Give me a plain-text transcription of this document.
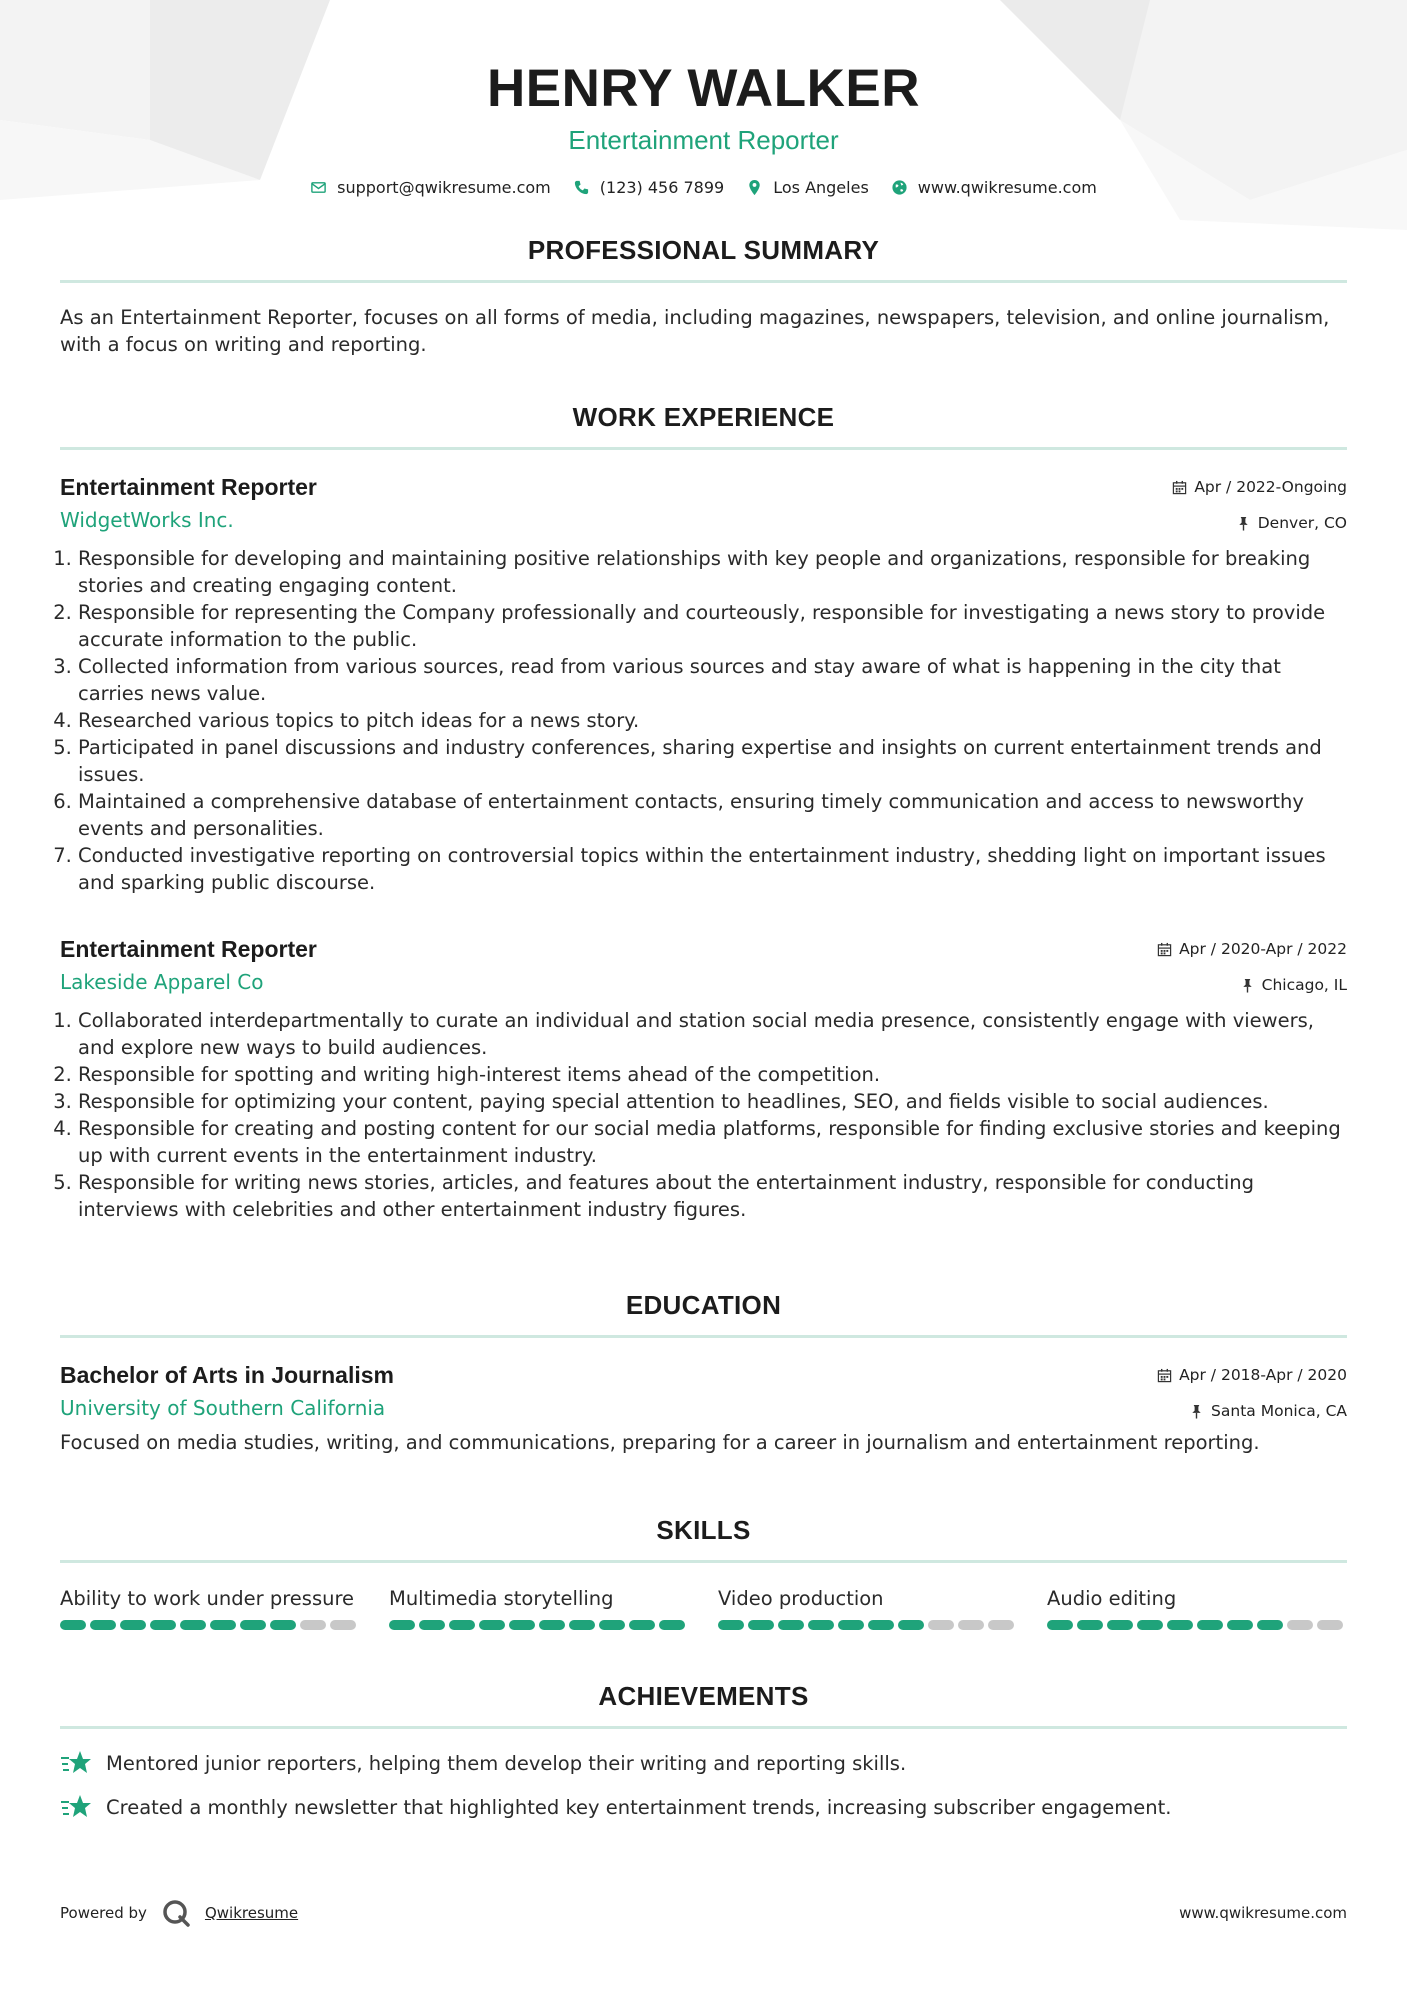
HENRY WALKER
Entertainment Reporter
support@qwikresume.com	(123) 456 7899	Los Angeles	www.qwikresume.com
PROFESSIONAL SUMMARY

As an Entertainment Reporter, focuses on all forms of media, including magazines, newspapers, television, and online journalism, with a focus on writing and reporting.

WORK EXPERIENCE
Entertainment Reporter	Apr / 2022-Ongoing
WidgetWorks Inc.	Denver, CO
1. Responsible for developing and maintaining positive relationships with key people and organizations, responsible for breaking stories and creating engaging content.
2. Responsible for representing the Company professionally and courteously, responsible for investigating a news story to provide accurate information to the public.
3. Collected information from various sources, read from various sources and stay aware of what is happening in the city that carries news value.
4. Researched various topics to pitch ideas for a news story.
5. Participated in panel discussions and industry conferences, sharing expertise and insights on current entertainment trends and issues.
6. Maintained a comprehensive database of entertainment contacts, ensuring timely communication and access to newsworthy events and personalities.
7. Conducted investigative reporting on controversial topics within the entertainment industry, shedding light on important issues and sparking public discourse.
Entertainment Reporter	Apr / 2020-Apr / 2022
Lakeside Apparel Co	Chicago, IL
1. Collaborated interdepartmentally to curate an individual and station social media presence, consistently engage with viewers, and explore new ways to build audiences.
2. Responsible for spotting and writing high-interest items ahead of the competition.
3. Responsible for optimizing your content, paying special attention to headlines, SEO, and fields visible to social audiences.
4. Responsible for creating and posting content for our social media platforms, responsible for finding exclusive stories and keeping up with current events in the entertainment industry.
5. Responsible for writing news stories, articles, and features about the entertainment industry, responsible for conducting interviews with celebrities and other entertainment industry figures.
EDUCATION
Bachelor of Arts in Journalism	Apr / 2018-Apr / 2020
University of Southern California	Santa Monica, CA

Focused on media studies, writing, and communications, preparing for a career in journalism and entertainment reporting.

SKILLS
Ability to work under pressure	Multimedia storytelling	Video production	Audio editing
ACHIEVEMENTS
Mentored junior reporters, helping them develop their writing and reporting skills.
Created a monthly newsletter that highlighted key entertainment trends, increasing subscriber engagement.
Powered by	Qwikresume	www.qwikresume.com
